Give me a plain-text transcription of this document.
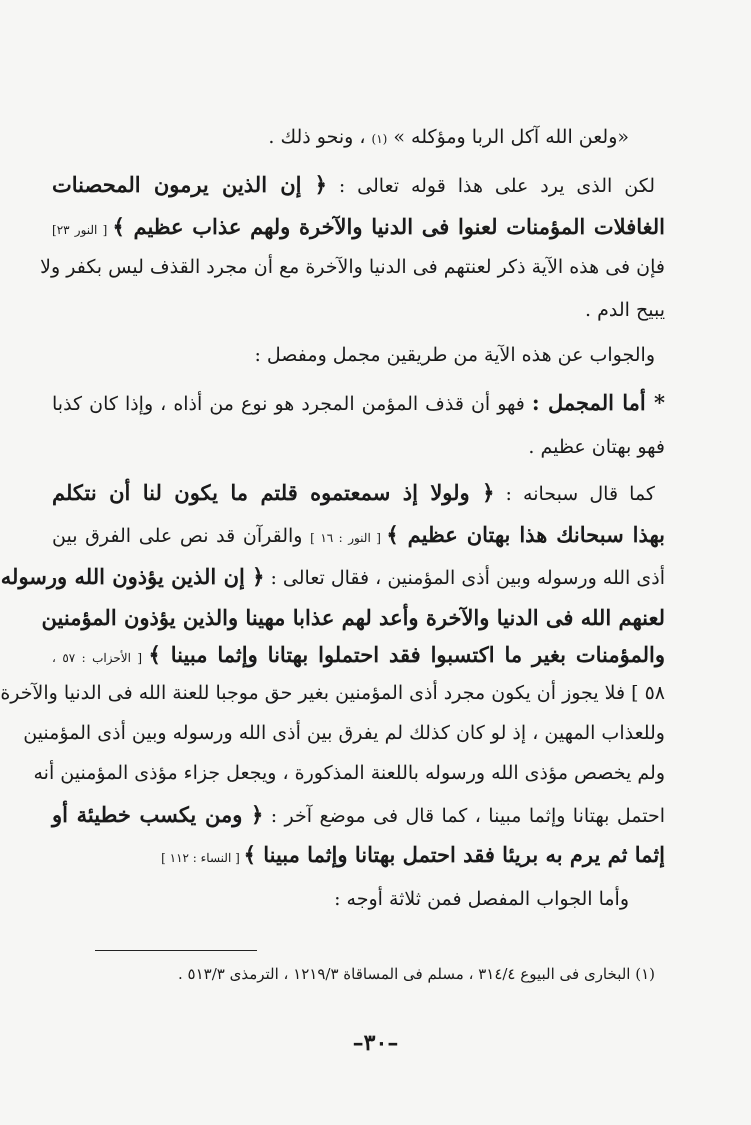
«ولعن الله آكل الربا ومؤكله » (١) ، ونحو ذلك .
لكن الذى يرد على هذا قوله تعالى : ﴿ إن الذين يرمون المحصنات
الغافلات المؤمنات لعنوا فى الدنيا والآخرة ولهم عذاب عظيم ﴾ [ النور ٢٣]
فإن فى هذه الآية ذكر لعنتهم فى الدنيا والآخرة مع أن مجرد القذف ليس بكفر ولا
يبيح الدم .
والجواب عن هذه الآية من طريقين مجمل ومفصل :
* أما المجمل : فهو أن قذف المؤمن المجرد هو نوع من أذاه ، وإذا كان كذبا
فهو بهتان عظيم .
كما قال سبحانه : ﴿ ولولا إذ سمعتموه قلتم ما يكون لنا أن نتكلم
بهذا سبحانك هذا بهتان عظيم ﴾ [ النور : ١٦ ] والقرآن قد نص على الفرق بين
أذى الله ورسوله وبين أذى المؤمنين ، فقال تعالى : ﴿ إن الذين يؤذون الله ورسوله
لعنهم الله فى الدنيا والآخرة وأعد لهم عذابا مهينا والذين يؤذون المؤمنين
والمؤمنات بغير ما اكتسبوا فقد احتملوا بهتانا وإثما مبينا ﴾ [ الأحزاب : ٥٧ ،
٥٨ ] فلا يجوز أن يكون مجرد أذى المؤمنين بغير حق موجبا للعنة الله فى الدنيا والآخرة
وللعذاب المهين ، إذ لو كان كذلك لم يفرق بين أذى الله ورسوله وبين أذى المؤمنين
ولم يخصص مؤذى الله ورسوله باللعنة المذكورة ، ويجعل جزاء مؤذى المؤمنين أنه
احتمل بهتانا وإثما مبينا ، كما قال فى موضع آخر : ﴿ ومن يكسب خطيئة أو
إثما ثم يرم به بريئا فقد احتمل بهتانا وإثما مبينا ﴾ [ النساء : ١١٢ ]
وأما الجواب المفصل فمن ثلاثة أوجه :
(١) البخارى فى البيوع ٣١٤/٤ ، مسلم فى المساقاة ١٢١٩/٣ ، الترمذى ٥١٣/٣ .
–٣٠–
